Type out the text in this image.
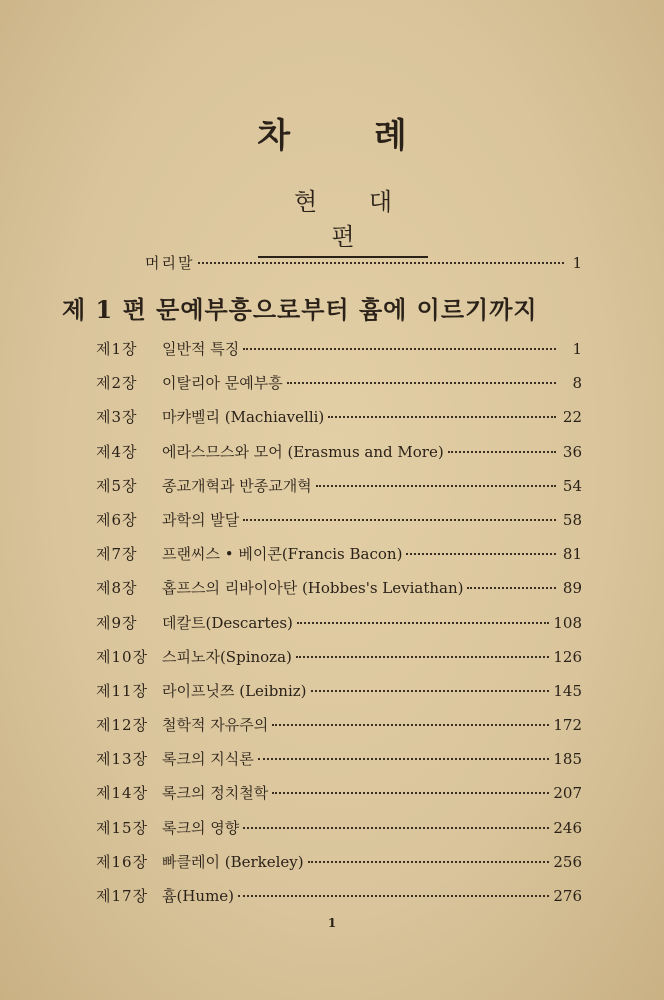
차 례
현 대 편
머리말	1
제 1 편 문예부흥으로부터 흄에 이르기까지
제1장	일반적 특징	1
제2장	이탈리아 문예부흥	8
제3장	마캬벨리 (Machiavelli)	22
제4장	에라스므스와 모어 (Erasmus and More)	36
제5장	종교개혁과 반종교개혁	54
제6장	과학의 발달	58
제7장	프랜씨스 • 베이콘(Francis Bacon)	81
제8장	홉프스의 리바이아탄 (Hobbes's Leviathan)	89
제9장	데칼트(Descartes)	108
제10장 스피노자(Spinoza)	126
제11장 라이프닛쯔 (Leibniz)	145
제12장 철학적 자유주의	172
제13장 록크의 지식론	185
제14장 록크의 정치철학	207
제15장 록크의 영향	246
제16장 빠클레이 (Berkeley)	256
제17장 흄(Hume)	276
1
